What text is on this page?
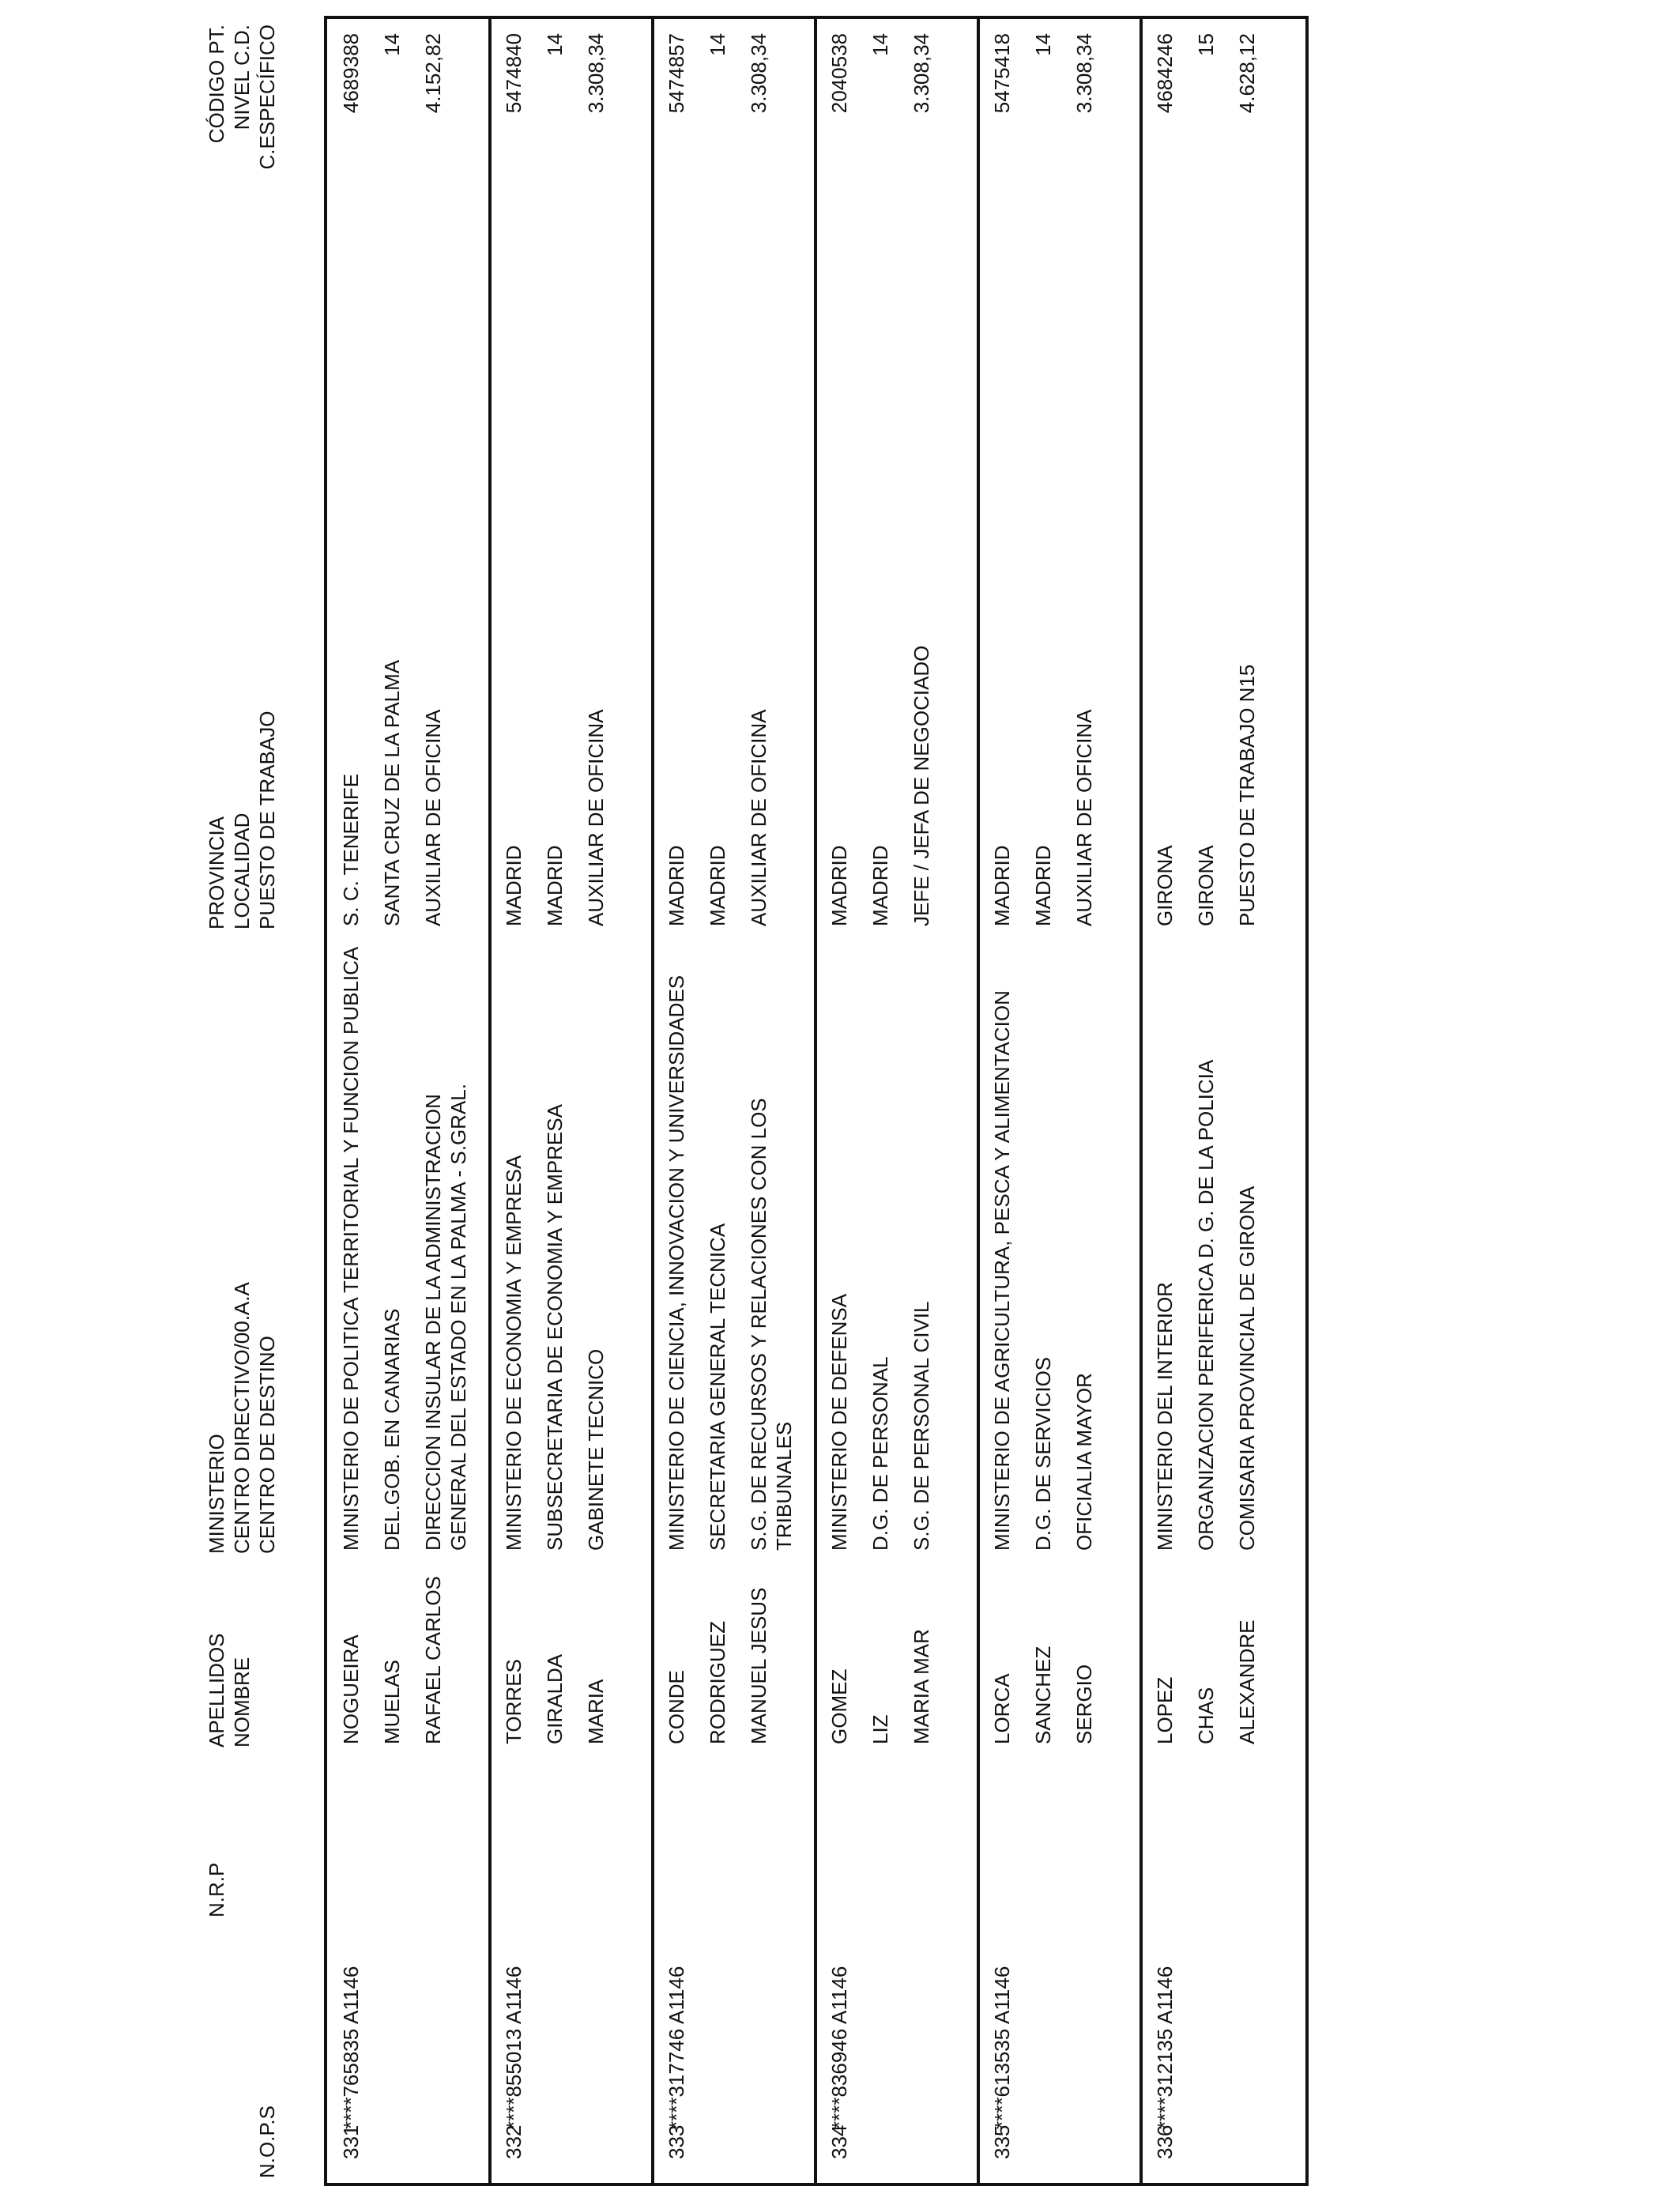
N.O.P.S
N.R.P
APELLIDOS NOMBRE
MINISTERIO CENTRO DIRECTIVO/00.A.A CENTRO DE DESTINO
PROVINCIA LOCALIDAD PUESTO DE TRABAJO
CÓDIGO PT. NIVEL C.D. C.ESPECÍFICO
331
****765835 A1146
NOGUEIRA MUELAS RAFAEL CARLOS
MINISTERIO DE POLITICA TERRITORIAL Y FUNCION PUBLICA DEL.GOB. EN CANARIAS DIRECCION INSULAR DE LA ADMINISTRACION GENERAL DEL ESTADO EN LA PALMA - S.GRAL.
S. C. TENERIFE SANTA CRUZ DE LA PALMA AUXILIAR DE OFICINA
4689388 14 4.152,82
332
****855013 A1146
TORRES GIRALDA MARIA
MINISTERIO DE ECONOMIA Y EMPRESA SUBSECRETARIA DE ECONOMIA Y EMPRESA GABINETE TECNICO
MADRID MADRID AUXILIAR DE OFICINA
5474840 14 3.308,34
333
****317746 A1146
CONDE RODRIGUEZ MANUEL JESUS
MINISTERIO DE CIENCIA, INNOVACION Y UNIVERSIDADES SECRETARIA GENERAL TECNICA S.G. DE RECURSOS Y RELACIONES CON LOS TRIBUNALES
MADRID MADRID AUXILIAR DE OFICINA
5474857 14 3.308,34
334
****836946 A1146
GOMEZ LIZ MARIA MAR
MINISTERIO DE DEFENSA D.G. DE PERSONAL S.G. DE PERSONAL CIVIL
MADRID MADRID JEFE / JEFA DE NEGOCIADO
2040538 14 3.308,34
335
****613535 A1146
LORCA SANCHEZ SERGIO
MINISTERIO DE AGRICULTURA, PESCA Y ALIMENTACION D.G. DE SERVICIOS OFICIALIA MAYOR
MADRID MADRID AUXILIAR DE OFICINA
5475418 14 3.308,34
336
****312135 A1146
LOPEZ CHAS ALEXANDRE
MINISTERIO DEL INTERIOR ORGANIZACION PERIFERICA D. G. DE LA POLICIA COMISARIA PROVINCIAL DE GIRONA
GIRONA GIRONA PUESTO DE TRABAJO N15
4684246 15 4.628,12
